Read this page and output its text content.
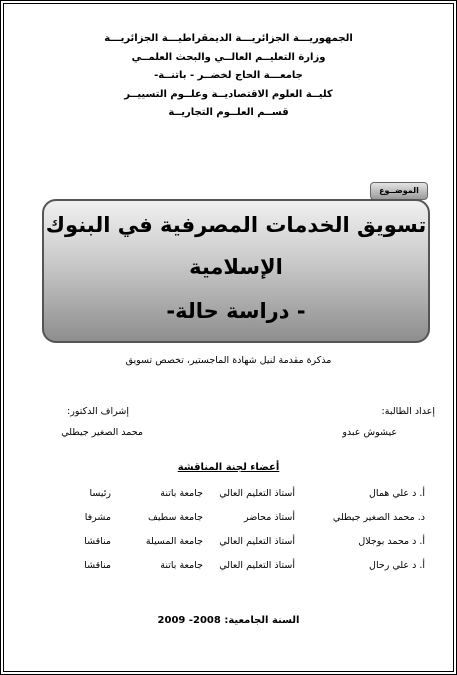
الجمهوريـــة الجزائريـــة الديمقراطيـــة الجزائريـــة
وزارة التعليــم العالــي والبحث العلمــي
جامعـــة الحاج لخضــر - باتنــة-
كليــة العلوم الاقتصاديــة وعلــوم التسييــر
قســم العلــوم التجاريــة
الموضــوع
تسويق الخدمات المصرفية في البنوك
الإسلامية
- دراسة حالة-
مذكرة مقدمة لنيل شهادة الماجستير، تخصص تسويق
إعداد الطالبة:
عيشوش عبدو
إشراف الدكتور:
محمد الصغير جيطلي
أعضاء لجنة المناقشة
أ. د علي همال
أستاذ التعليم العالي
جامعة باتنة
رئيسا
د. محمد الصغير جيطلي
أستاذ محاضر
جامعة سطيف
مشرفا
أ. د محمد بوجلال
أستاذ التعليم العالي
جامعة المسيلة
مناقشا
أ. د علي رحال
أستاذ التعليم العالي
جامعة باتنة
مناقشا
السنة الجامعية: 2008- 2009
